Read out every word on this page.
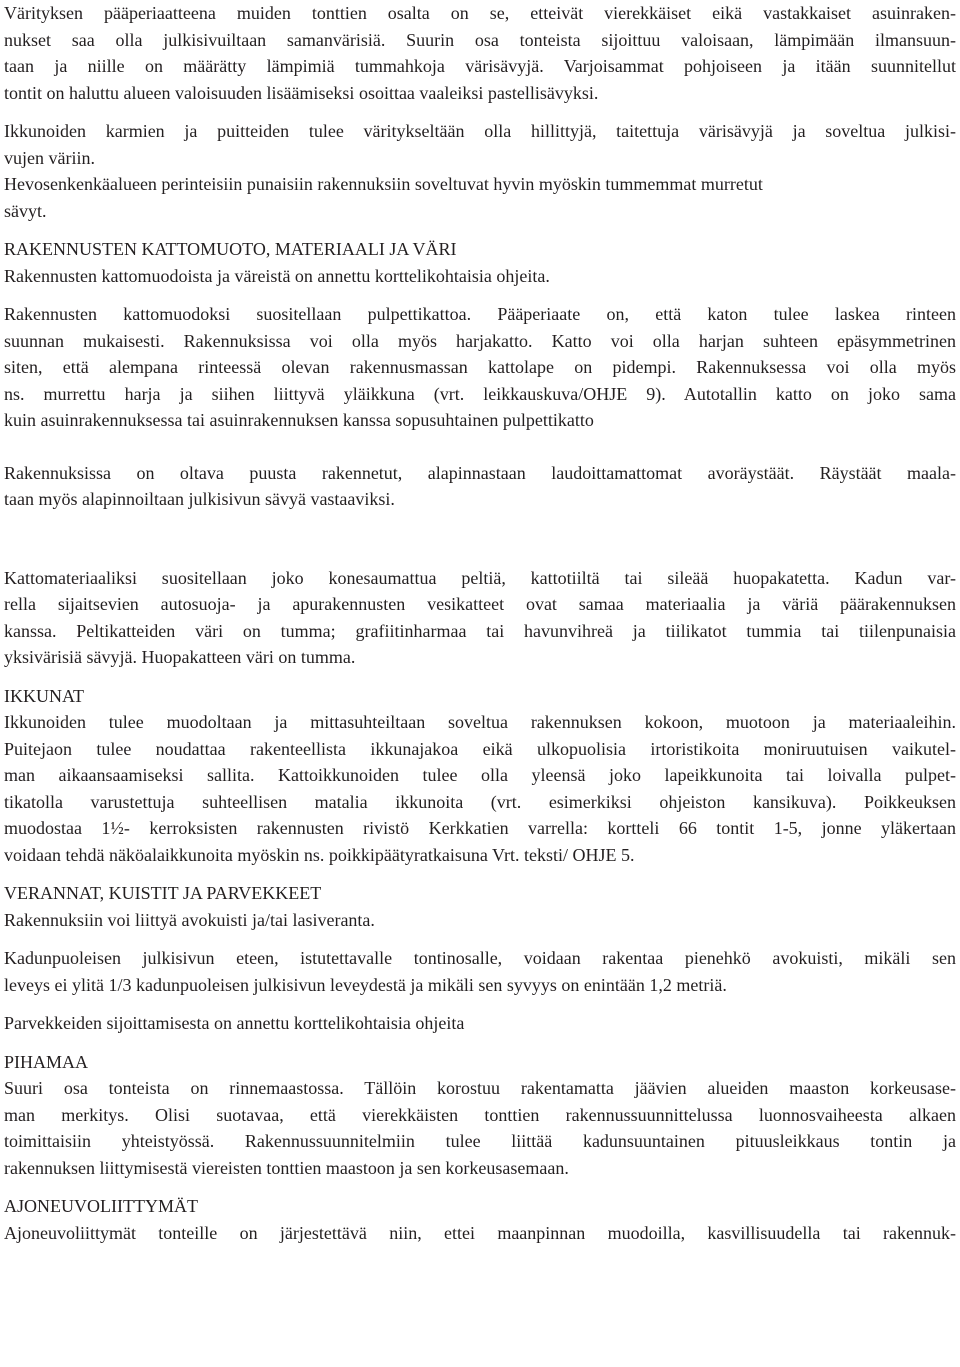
Värityksen pääperiaatteena muiden tonttien osalta on se, etteivät vierekkäiset eikä vastakkaiset asuinraken-
nukset saa olla julkisivuiltaan samanvärisiä. Suurin osa tonteista sijoittuu valoisaan, lämpimään ilmansuun-
taan ja niille on määrätty lämpimiä tummahkoja värisävyjä. Varjoisammat pohjoiseen ja itään suunnitellut
tontit on haluttu alueen valoisuuden lisäämiseksi osoittaa vaaleiksi pastellisävyksi.
Ikkunoiden karmien ja puitteiden tulee väritykseltään olla hillittyjä, taitettuja värisävyjä ja soveltua julkisi-
vujen väriin.
Hevosenkenkäalueen perinteisiin punaisiin rakennuksiin soveltuvat hyvin myöskin tummemmat murretut
sävyt.
RAKENNUSTEN KATTOMUOTO, MATERIAALI JA VÄRI
Rakennusten kattomuodoista ja väreistä on annettu korttelikohtaisia ohjeita.
Rakennusten kattomuodoksi suositellaan pulpettikattoa. Pääperiaate on, että katon tulee laskea rinteen
suunnan mukaisesti. Rakennuksissa voi olla myös harjakatto. Katto voi olla harjan suhteen epäsymmetrinen
siten, että alempana rinteessä olevan rakennusmassan kattolape on pidempi. Rakennuksessa voi olla myös
ns. murrettu harja ja siihen liittyvä yläikkuna (vrt. leikkauskuva/OHJE 9). Autotallin katto on joko sama
kuin asuinrakennuksessa tai asuinrakennuksen kanssa sopusuhtainen pulpettikatto
Rakennuksissa on oltava puusta rakennetut, alapinnastaan laudoittamattomat avoräystäät. Räystäät maala-
taan myös alapinnoiltaan julkisivun sävyä vastaaviksi.
Kattomateriaaliksi suositellaan joko konesaumattua peltiä, kattotiiltä tai sileää huopakatetta. Kadun var-
rella sijaitsevien autosuoja- ja apurakennusten vesikatteet ovat samaa materiaalia ja väriä päärakennuksen
kanssa. Peltikatteiden väri on tumma; grafiitinharmaa tai havunvihreä ja tiilikatot tummia tai tiilenpunaisia
yksivärisiä sävyjä. Huopakatteen väri on tumma.
IKKUNAT
Ikkunoiden tulee muodoltaan ja mittasuhteiltaan soveltua rakennuksen kokoon, muotoon ja materiaaleihin.
Puitejaon tulee noudattaa rakenteellista ikkunajakoa eikä ulkopuolisia irtoristikoita moniruutuisen vaikutel-
man aikaansaamiseksi sallita. Kattoikkunoiden tulee olla yleensä joko lapeikkunoita tai loivalla pulpet-
tikatolla varustettuja suhteellisen matalia ikkunoita (vrt. esimerkiksi ohjeiston kansikuva). Poikkeuksen
muodostaa 1½- kerroksisten rakennusten rivistö Kerkkatien varrella: kortteli 66 tontit 1-5, jonne yläkertaan
voidaan tehdä näköalaikkunoita myöskin ns. poikkipäätyratkaisuna Vrt. teksti/ OHJE 5.
VERANNAT, KUISTIT JA PARVEKKEET
Rakennuksiin voi liittyä avokuisti ja/tai lasiveranta.
Kadunpuoleisen julkisivun eteen, istutettavalle tontinosalle, voidaan rakentaa pienehkö avokuisti, mikäli sen
leveys ei ylitä 1/3 kadunpuoleisen julkisivun leveydestä ja mikäli sen syvyys on enintään 1,2 metriä.
Parvekkeiden sijoittamisesta on annettu korttelikohtaisia ohjeita
PIHAMAA
Suuri osa tonteista on rinnemaastossa. Tällöin korostuu rakentamatta jäävien alueiden maaston korkeusase-
man merkitys. Olisi suotavaa, että vierekkäisten tonttien rakennussuunnittelussa luonnosvaiheesta alkaen
toimittaisiin yhteistyössä. Rakennussuunnitelmiin tulee liittää kadunsuuntainen pituusleikkaus tontin ja
rakennuksen liittymisestä viereisten tonttien maastoon ja sen korkeusasemaan.
AJONEUVOLIITTYMÄT
Ajoneuvoliittymät tonteille on järjestettävä niin, ettei maanpinnan muodoilla, kasvillisuudella tai rakennuk-
